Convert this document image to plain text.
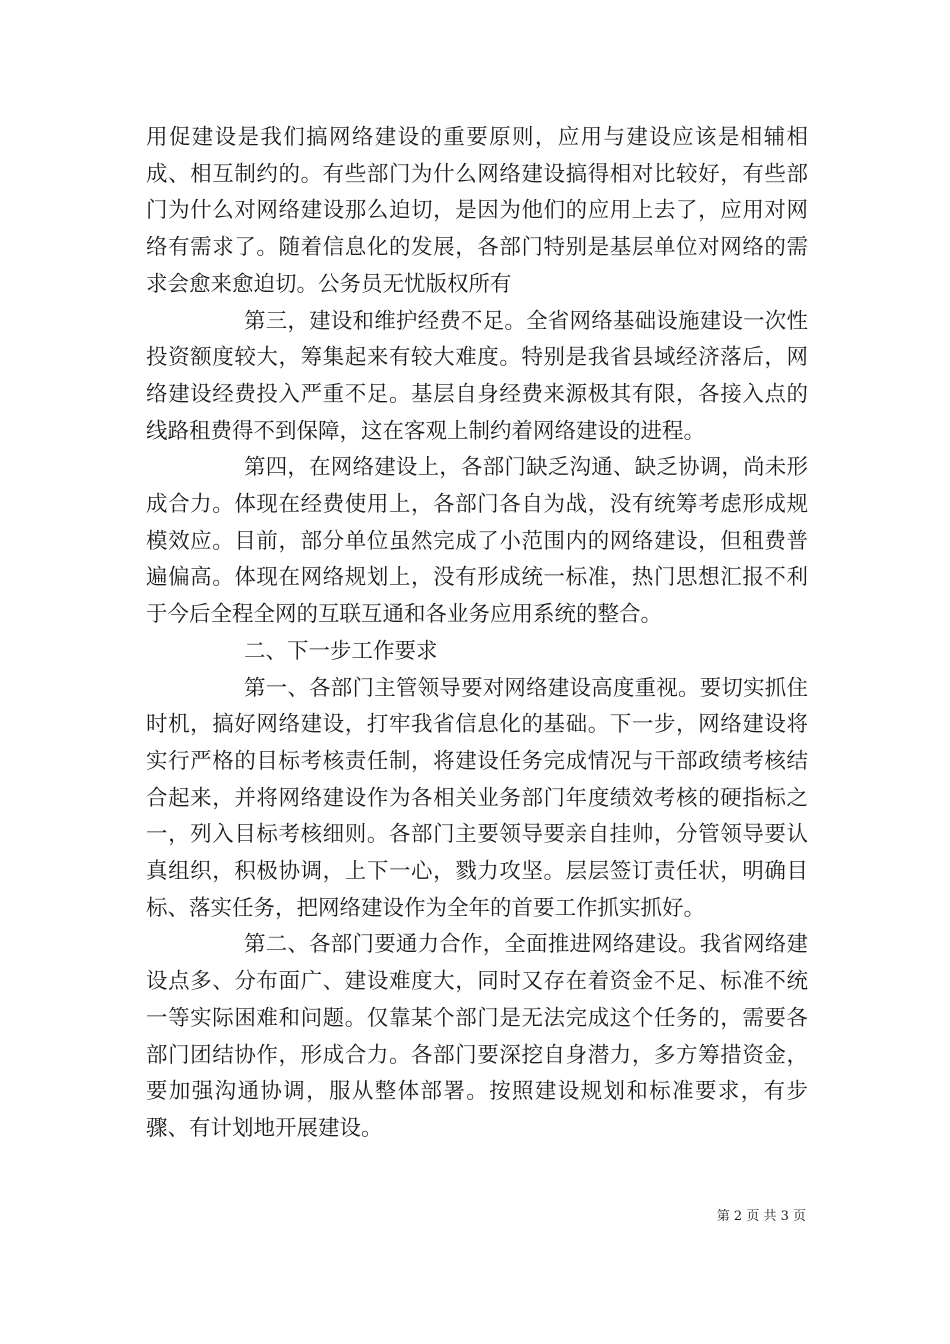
用促建设是我们搞网络建设的重要原则，应用与建设应该是相辅相成、相互制约的。有些部门为什么网络建设搞得相对比较好，有些部门为什么对网络建设那么迫切，是因为他们的应用上去了，应用对网络有需求了。随着信息化的发展，各部门特别是基层单位对网络的需求会愈来愈迫切。公务员无忧版权所有

第三，建设和维护经费不足。全省网络基础设施建设一次性投资额度较大，筹集起来有较大难度。特别是我省县域经济落后，网络建设经费投入严重不足。基层自身经费来源极其有限，各接入点的线路租费得不到保障，这在客观上制约着网络建设的进程。

第四，在网络建设上，各部门缺乏沟通、缺乏协调，尚未形成合力。体现在经费使用上，各部门各自为战，没有统筹考虑形成规模效应。目前，部分单位虽然完成了小范围内的网络建设，但租费普遍偏高。体现在网络规划上，没有形成统一标准，热门思想汇报不利于今后全程全网的互联互通和各业务应用系统的整合。

二、下一步工作要求

第一、各部门主管领导要对网络建设高度重视。要切实抓住时机，搞好网络建设，打牢我省信息化的基础。下一步，网络建设将实行严格的目标考核责任制，将建设任务完成情况与干部政绩考核结合起来，并将网络建设作为各相关业务部门年度绩效考核的硬指标之一，列入目标考核细则。各部门主要领导要亲自挂帅，分管领导要认真组织，积极协调，上下一心，戮力攻坚。层层签订责任状，明确目标、落实任务，把网络建设作为全年的首要工作抓实抓好。

第二、各部门要通力合作，全面推进网络建设。我省网络建设点多、分布面广、建设难度大，同时又存在着资金不足、标准不统一等实际困难和问题。仅靠某个部门是无法完成这个任务的，需要各部门团结协作，形成合力。各部门要深挖自身潜力，多方筹措资金，要加强沟通协调，服从整体部署。按照建设规划和标准要求，有步骤、有计划地开展建设。

第 2 页 共 3 页
